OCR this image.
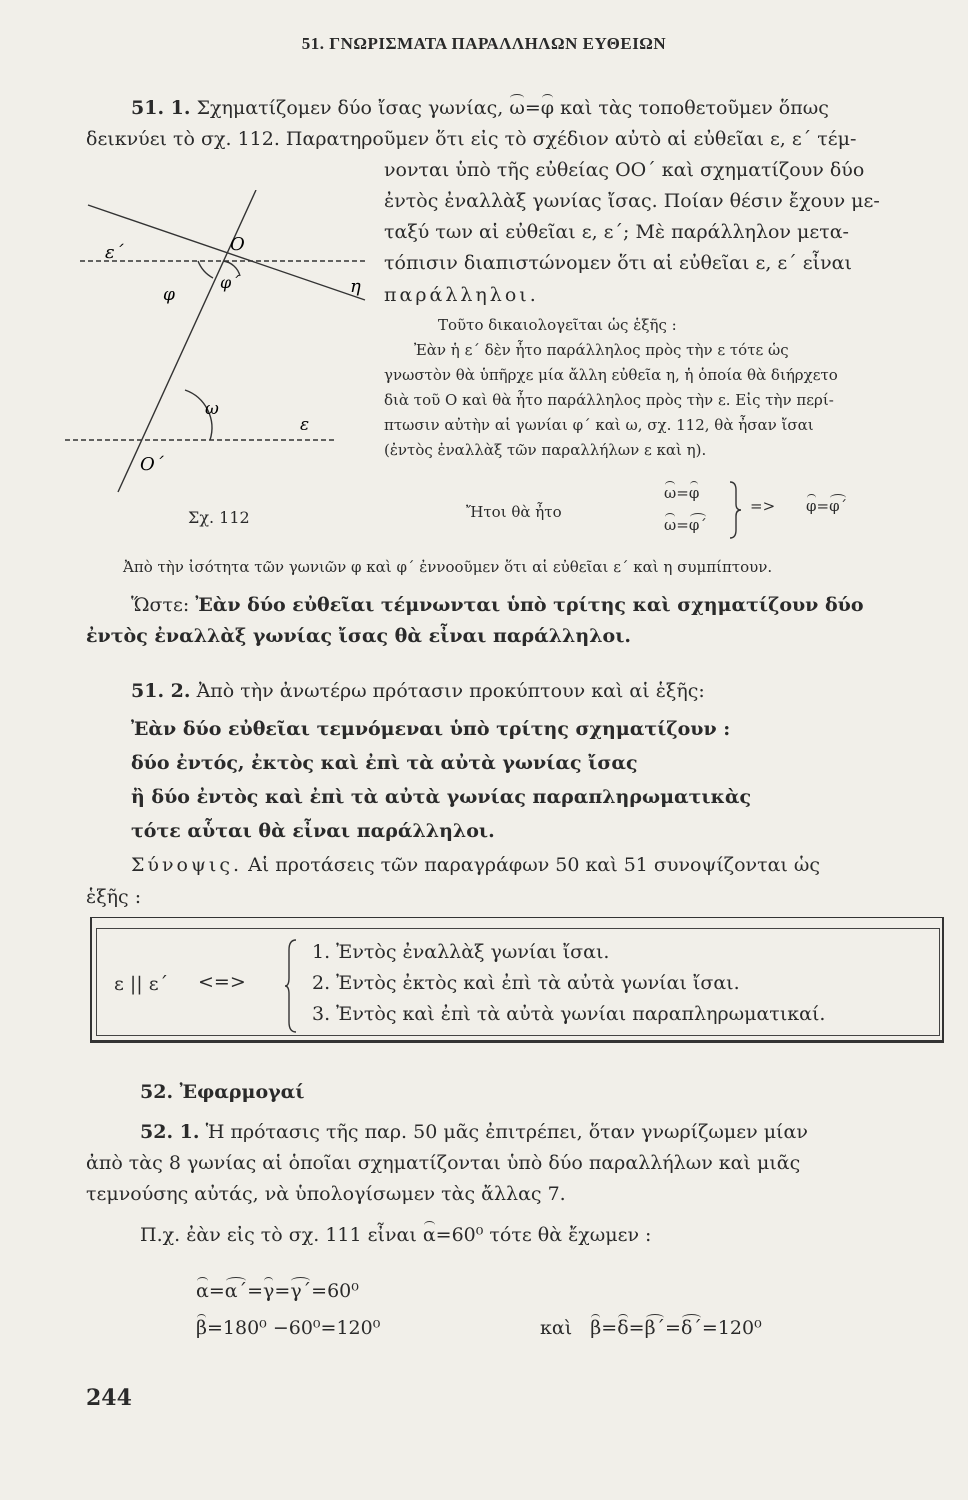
51. ΓΝΩΡΙΣΜΑΤΑ ΠΑΡΑΛΛΗΛΩΝ ΕΥΘΕΙΩΝ
51. 1. Σχηματίζομεν δύο ἴσας γωνίας, ω=φ καὶ τὰς τοποθετοῦμεν ὅπως
δεικνύει τὸ σχ. 112. Παρατηροῦμεν ὅτι εἰς τὸ σχέδιον αὐτὸ αἱ εὐθεῖαι ε, ε΄ τέμ-
νονται ὑπὸ τῆς εὐθείας ΟΟ΄ καὶ σχηματίζουν δύο
ἐντὸς ἐναλλὰξ γωνίας ἴσας. Ποίαν θέσιν ἔχουν με-
ταξύ των αἱ εὐθεῖαι ε, ε΄; Μὲ παράλληλον μετα-
τόπισιν διαπιστώνομεν ὅτι αἱ εὐθεῖαι ε, ε΄ εἶναι
παράλληλοι.
ε΄	O
φ
φ΄	η
ω
ε
O΄
Σχ. 112
Τοῦτο δικαιολογεῖται ὡς ἑξῆς :
Ἐὰν ἡ ε΄ δὲν ἦτο παράλληλος πρὸς τὴν ε τότε ὡς
γνωστὸν θὰ ὑπῆρχε μία ἄλλη εὐθεῖα η, ἡ ὁποία θὰ διήρχετο
διὰ τοῦ Ο καὶ θὰ ἦτο παράλληλος πρὸς τὴν ε. Εἰς τὴν περί-
πτωσιν αὐτὴν αἱ γωνίαι φ΄ καὶ ω, σχ. 112, θὰ ἦσαν ἴσαι
(ἐντὸς ἐναλλὰξ τῶν παραλλήλων ε καὶ η).
Ἤτοι θὰ ἦτο
ω=φ
ω=φ΄
=> φ=φ΄
Ἀπὸ τὴν ἰσότητα τῶν γωνιῶν φ καὶ φ΄ ἐννοοῦμεν ὅτι αἱ εὐθεῖαι ε΄ καὶ η συμπίπτουν.
Ὥστε: Ἐὰν δύο εὐθεῖαι τέμνωνται ὑπὸ τρίτης καὶ σχηματίζουν δύο
ἐντὸς ἐναλλὰξ γωνίας ἴσας θὰ εἶναι παράλληλοι.
51. 2. Ἀπὸ τὴν ἀνωτέρω πρότασιν προκύπτουν καὶ αἱ ἑξῆς:
Ἐὰν δύο εὐθεῖαι τεμνόμεναι ὑπὸ τρίτης σχηματίζουν :
δύο ἐντός, ἐκτὸς καὶ ἐπὶ τὰ αὐτὰ γωνίας ἴσας
ἢ δύο ἐντὸς καὶ ἐπὶ τὰ αὐτὰ γωνίας παραπληρωματικὰς
τότε αὗται θὰ εἶναι παράλληλοι.
Σύνοψις. Αἱ προτάσεις τῶν παραγράφων 50 καὶ 51 συνοψίζονται ὡς
ἑξῆς :
ε || ε΄ <=>
1. Ἐντὸς ἐναλλὰξ γωνίαι ἴσαι.
2. Ἐντὸς ἐκτὸς καὶ ἐπὶ τὰ αὐτὰ γωνίαι ἴσαι.
3. Ἐντὸς καὶ ἐπὶ τὰ αὐτὰ γωνίαι παραπληρωματικαί.
52. Ἐφαρμογαί
52. 1. Ἡ πρότασις τῆς παρ. 50 μᾶς ἐπιτρέπει, ὅταν γνωρίζωμεν μίαν
ἀπὸ τὰς 8 γωνίας αἱ ὁποῖαι σχηματίζονται ὑπὸ δύο παραλλήλων καὶ μιᾶς
τεμνούσης αὐτάς, νὰ ὑπολογίσωμεν τὰς ἄλλας 7.
Π.χ. ἐὰν εἰς τὸ σχ. 111 εἶναι α=60⁰ τότε θὰ ἔχωμεν :
α=α΄=γ=γ΄=60⁰
β=180⁰ −60⁰=120⁰	καὶ β=δ=β΄=δ΄=120⁰
244
